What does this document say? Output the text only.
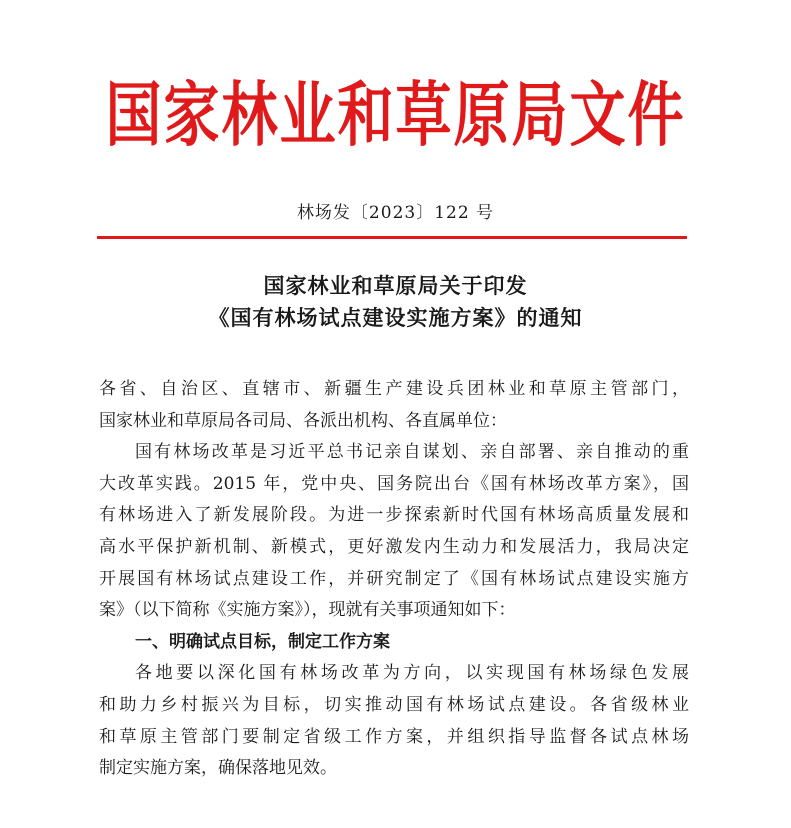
国家林业和草原局文件
林场发〔2023〕122 号
国家林业和草原局关于印发
《国有林场试点建设实施方案》的通知
各省、自治区、直辖市、新疆生产建设兵团林业和草原主管部门，
国家林业和草原局各司局、各派出机构、各直属单位：
国有林场改革是习近平总书记亲自谋划、亲自部署、亲自推动的重
大改革实践。2015 年，党中央、国务院出台《国有林场改革方案》，国
有林场进入了新发展阶段。为进一步探索新时代国有林场高质量发展和
高水平保护新机制、新模式，更好激发内生动力和发展活力，我局决定
开展国有林场试点建设工作，并研究制定了《国有林场试点建设实施方
案》（以下简称《实施方案》），现就有关事项通知如下：
一、明确试点目标，制定工作方案
各地要以深化国有林场改革为方向，以实现国有林场绿色发展
和助力乡村振兴为目标，切实推动国有林场试点建设。各省级林业
和草原主管部门要制定省级工作方案，并组织指导监督各试点林场
制定实施方案，确保落地见效。
